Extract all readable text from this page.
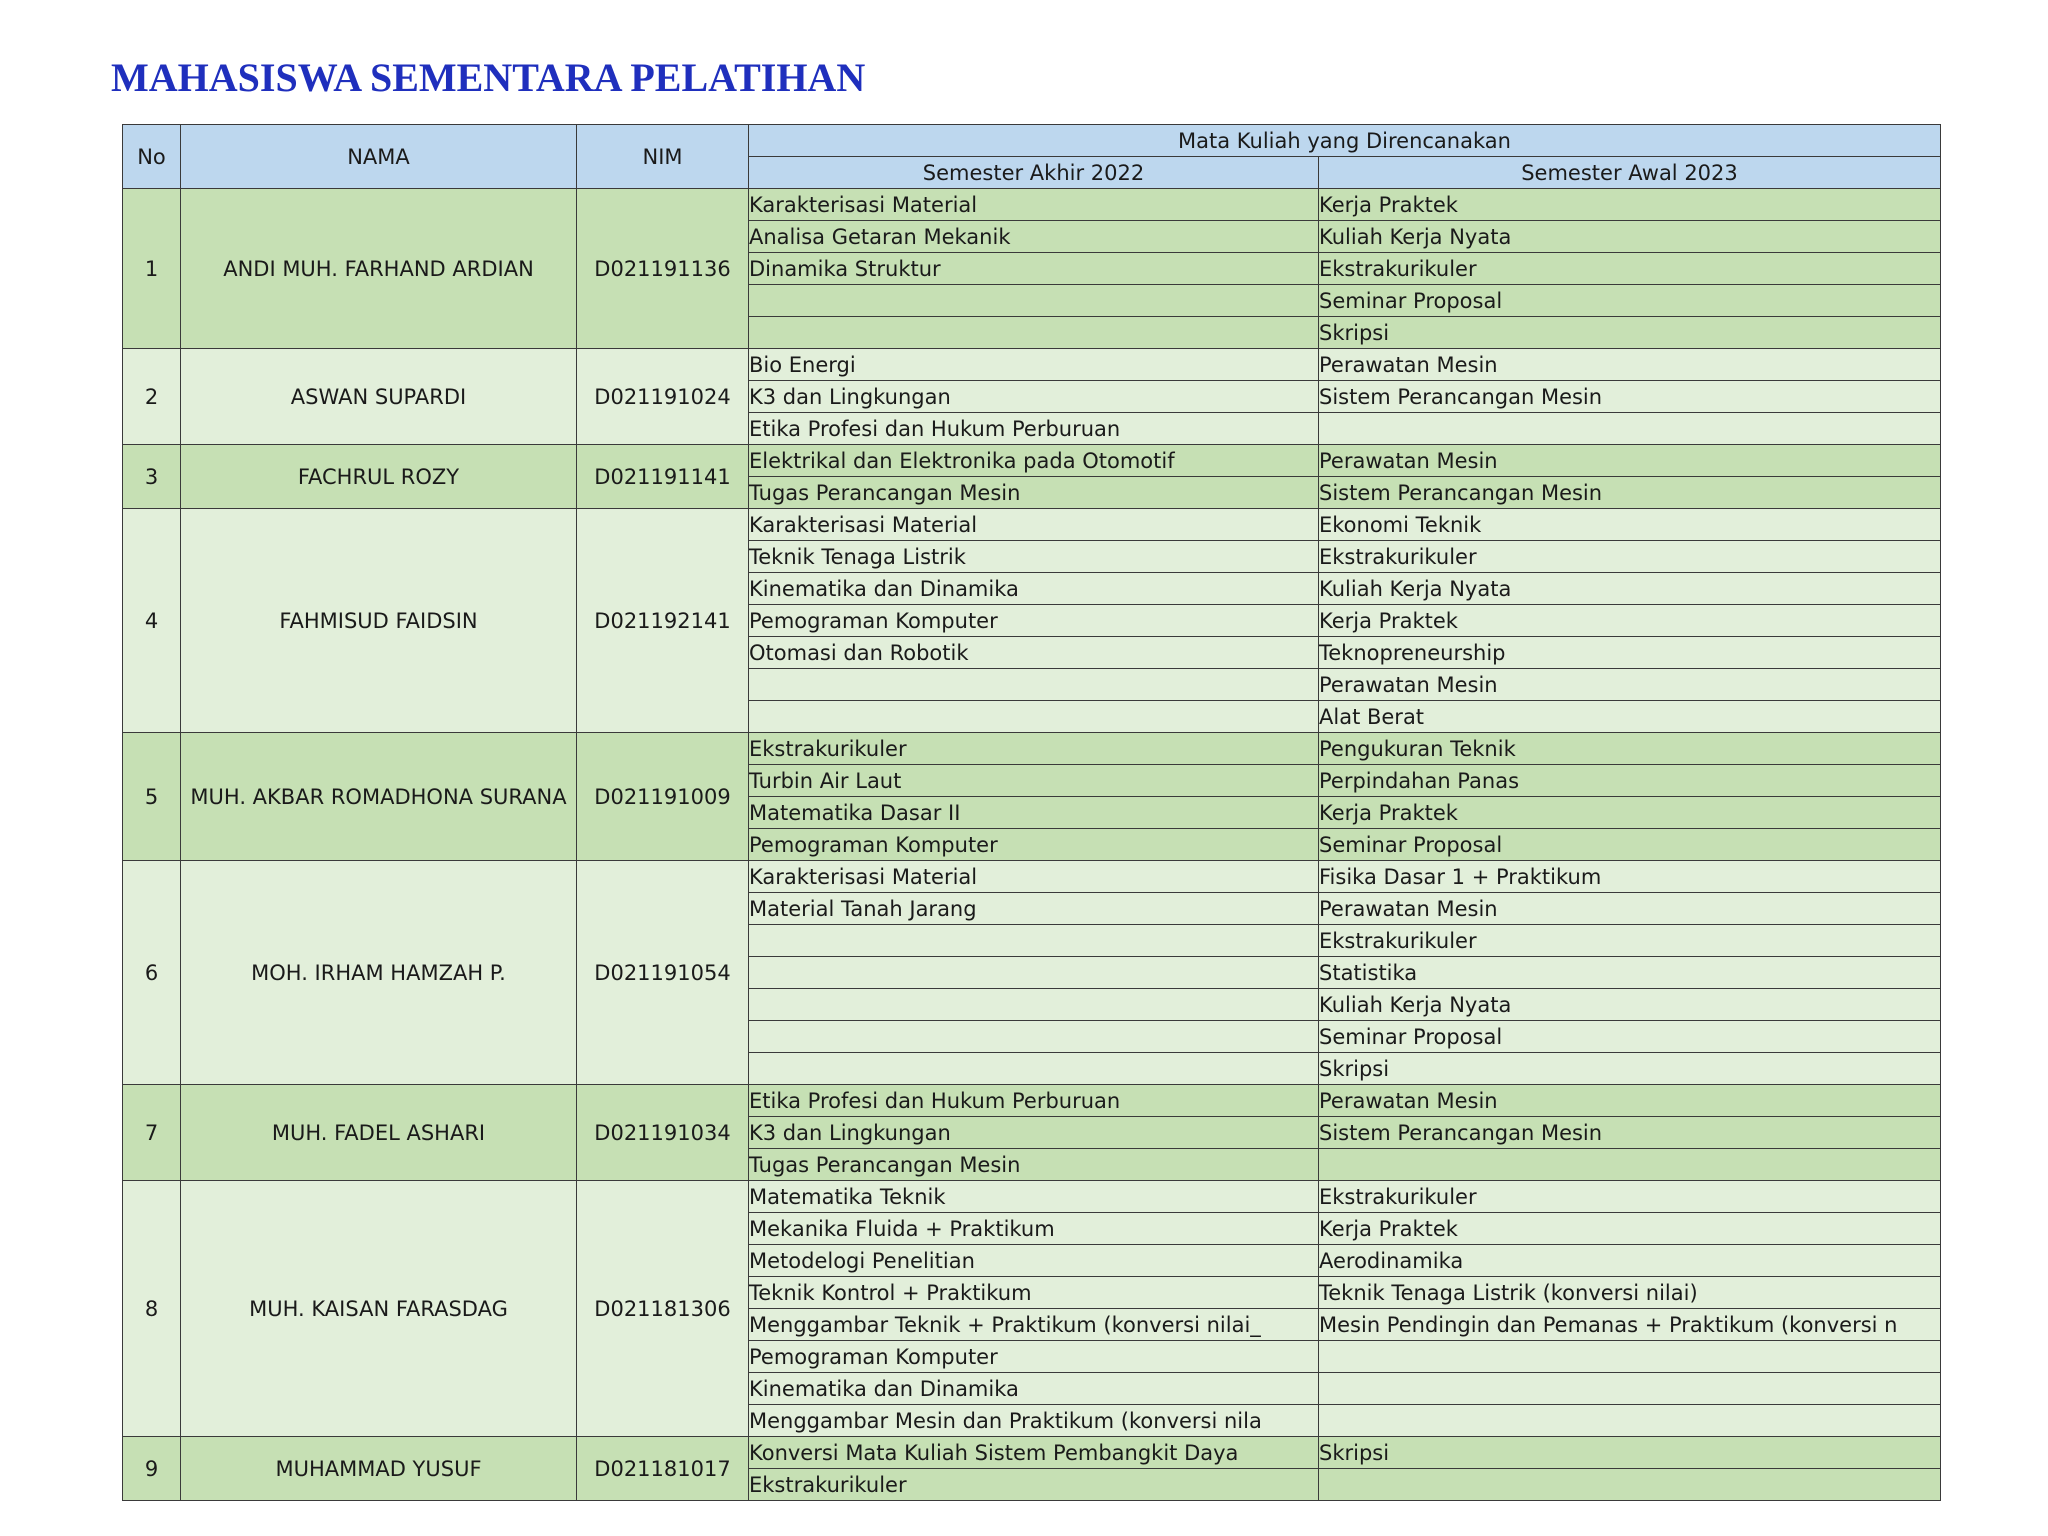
MAHASISWA SEMENTARA PELATIHAN
No	NAMA	NIM	Mata Kuliah yang Direncanakan	
			Semester Akhir 2022	Semester Awal 2023
1	ANDI MUH. FARHAND ARDIAN	D021191136	Karakterisasi Material	Kerja Praktek
			Analisa Getaran Mekanik	Kuliah Kerja Nyata
			Dinamika Struktur	Ekstrakurikuler
				Seminar Proposal
				Skripsi
2	ASWAN SUPARDI	D021191024	Bio Energi	Perawatan Mesin
			K3 dan Lingkungan	Sistem Perancangan Mesin
			Etika Profesi dan Hukum Perburuan	
3	FACHRUL ROZY	D021191141	Elektrikal dan Elektronika pada Otomotif	Perawatan Mesin
			Tugas Perancangan Mesin	Sistem Perancangan Mesin
4	FAHMISUD FAIDSIN	D021192141	Karakterisasi Material	Ekonomi Teknik
			Teknik Tenaga Listrik	Ekstrakurikuler
			Kinematika dan Dinamika	Kuliah Kerja Nyata
			Pemograman Komputer	Kerja Praktek
			Otomasi dan Robotik	Teknopreneurship
				Perawatan Mesin
				Alat Berat
5	MUH. AKBAR ROMADHONA SURANA	D021191009	Ekstrakurikuler	Pengukuran Teknik
			Turbin Air Laut	Perpindahan Panas
			Matematika Dasar II	Kerja Praktek
			Pemograman Komputer	Seminar Proposal
6	MOH. IRHAM HAMZAH P.	D021191054	Karakterisasi Material	Fisika Dasar 1 + Praktikum
			Material Tanah Jarang	Perawatan Mesin
				Ekstrakurikuler
				Statistika
				Kuliah Kerja Nyata
				Seminar Proposal
				Skripsi
7	MUH. FADEL ASHARI	D021191034	Etika Profesi dan Hukum Perburuan	Perawatan Mesin
			K3 dan Lingkungan	Sistem Perancangan Mesin
			Tugas Perancangan Mesin	
8	MUH. KAISAN FARASDAG	D021181306	Matematika Teknik	Ekstrakurikuler
			Mekanika Fluida + Praktikum	Kerja Praktek
			Metodelogi Penelitian	Aerodinamika
			Teknik Kontrol + Praktikum	Teknik Tenaga Listrik (konversi nilai)
			Menggambar Teknik + Praktikum (konversi nilai_	Mesin Pendingin dan Pemanas + Praktikum (konversi n
			Pemograman Komputer	
			Kinematika dan Dinamika	
			Menggambar Mesin dan Praktikum (konversi nila	
9	MUHAMMAD YUSUF	D021181017	Konversi Mata Kuliah Sistem Pembangkit Daya	Skripsi
			Ekstrakurikuler	
